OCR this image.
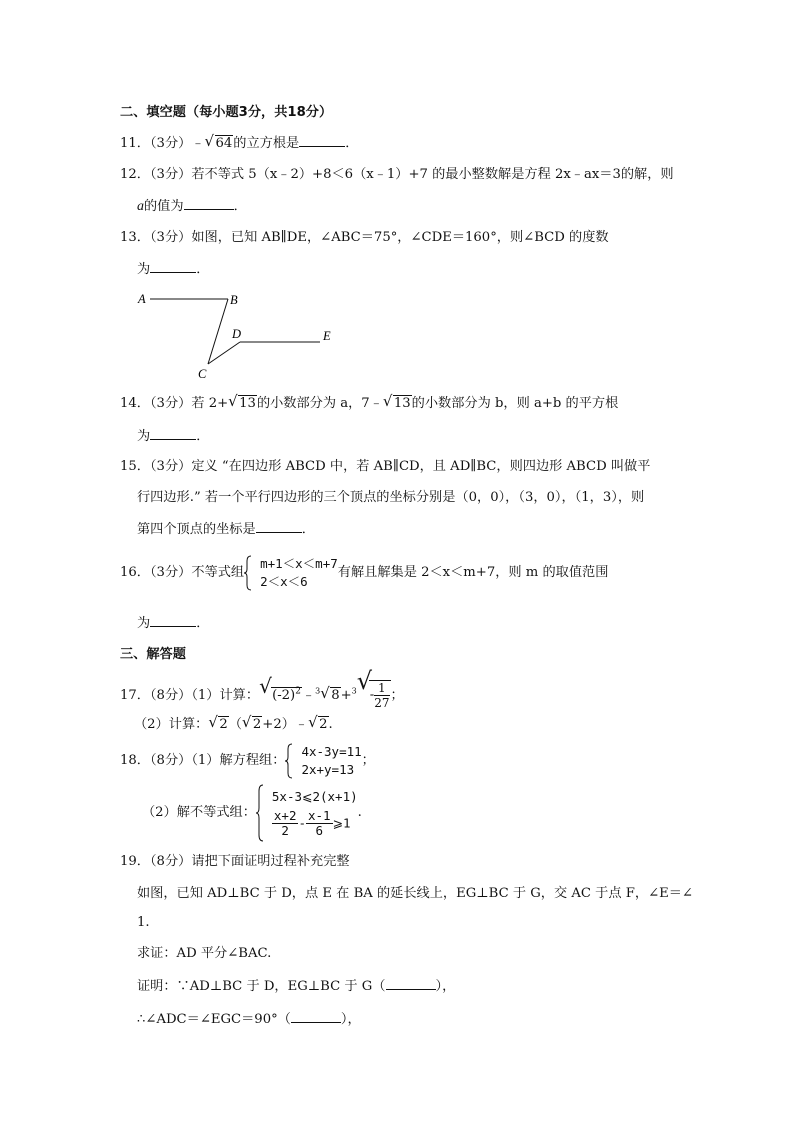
二、填空题（每小题3分，共18分）
11．（3分）﹣ √ 64的立方根是	．
12．（3分）若不等式 5（x﹣2）+8＜6（x﹣1）+7 的最小整数解是方程 2x﹣ax＝3的解，则
a的值为	．
13．（3分）如图，已知 AB∥DE，∠ABC＝75°，∠CDE＝160°，则∠BCD 的度数
为	．
A	B
C
D	E
14．（3分）若 2+ √ 13的小数部分为 a，7﹣ √ 13的小数部分为 b，则 a+b 的平方根
为	．
15．（3分）定义 “在四边形 ABCD 中，若 AB∥CD，且 AD∥BC，则四边形 ABCD 叫做平
行四边形.” 若一个平行四边形的三个顶点的坐标分别是（0，0），（3，0），（1，3），则
第四个顶点的坐标是	．
16．（3分）不等式组
m+1＜x＜m+7
2＜x＜6
有解且解集是 2＜x＜m+7，则 m 的取值范围
为	．
三、解答题
17．（8分）（1）计算： √ $(-2)^2﹣^3$ √ 8+$^3$ √
- $\frac{1}{27}$ ；
（2）计算： √ 2（ √ 2+2）﹣ √ 2.
18．（8分）（1）解方程组：
4x-3y=11
2x+y=13
；
（2）解不等式组：
5x-3⩽2(x+1)
$\frac{x+2}{2} - \frac{x-1}{6}$ ⩾1
.
19．（8分）请把下面证明过程补充完整
如图，已知 AD⊥BC 于 D，点 E 在 BA 的延长线上，EG⊥BC 于 G，交 AC 于点 F，∠E＝∠
1.
求证：AD 平分∠BAC.
证明：∵AD⊥BC 于 D，EG⊥BC 于 G（	），
∴∠ADC＝∠EGC＝90°（	），
